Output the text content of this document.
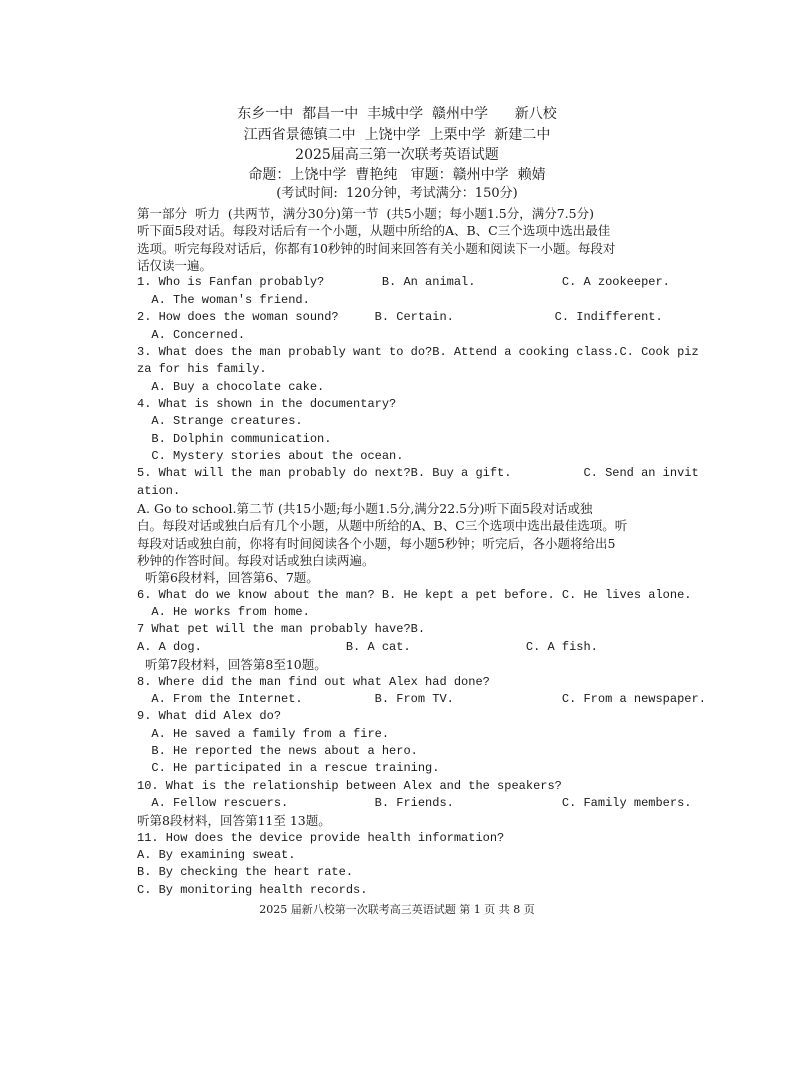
东乡一中  都昌一中  丰城中学  赣州中学      新八校
江西省景德镇二中  上饶中学  上栗中学  新建二中
2025届高三第一次联考英语试题
命题：上饶中学  曹艳纯   审题：赣州中学  赖婧
(考试时间:  120分钟，考试满分：150分)
第一部分  听力  (共两节，满分30分)第一节  (共5小题；每小题1.5分，满分7.5分)
听下面5段对话。每段对话后有一个小题，从题中所给的A、B、C三个选项中选出最佳
选项。听完每段对话后，你都有10秒钟的时间来回答有关小题和阅读下一小题。每段对
话仅读一遍。
1. Who is Fanfan probably?        B. An animal.            C. A zookeeper.
A. The woman's friend.
2. How does the woman sound?     B. Certain.              C. Indifferent.
A. Concerned.
3. What does the man probably want to do?B. Attend a cooking class.C. Cook piz
za for his family.
A. Buy a chocolate cake.
4. What is shown in the documentary?
A. Strange creatures.
B. Dolphin communication.
C. Mystery stories about the ocean.
5. What will the man probably do next?B. Buy a gift.          C. Send an invit
ation.
A. Go to school.第二节 (共15小题;每小题1.5分,满分22.5分)听下面5段对话或独
白。每段对话或独白后有几个小题，从题中所给的A、B、C三个选项中选出最佳选项。听
每段对话或独白前，你将有时间阅读各个小题，每小题5秒钟；听完后，各小题将给出5
秒钟的作答时间。每段对话或独白读两遍。
听第6段材料，回答第6、7题。
6. What do we know about the man? B. He kept a pet before. C. He lives alone.
A. He works from home.
7 What pet will the man probably have?B.
A. A dog.                    B. A cat.                C. A fish.
听第7段材料，回答第8至10题。
8. Where did the man find out what Alex had done?
A. From the Internet.          B. From TV.               C. From a newspaper.
9. What did Alex do?
A. He saved a family from a fire.
B. He reported the news about a hero.
C. He participated in a rescue training.
10. What is the relationship between Alex and the speakers?
A. Fellow rescuers.            B. Friends.               C. Family members.
听第8段材料，回答第11至 13题。
11. How does the device provide health information?
A. By examining sweat.
B. By checking the heart rate.
C. By monitoring health records.
2025 届新八校第一次联考高三英语试题 第 1 页 共 8 页
